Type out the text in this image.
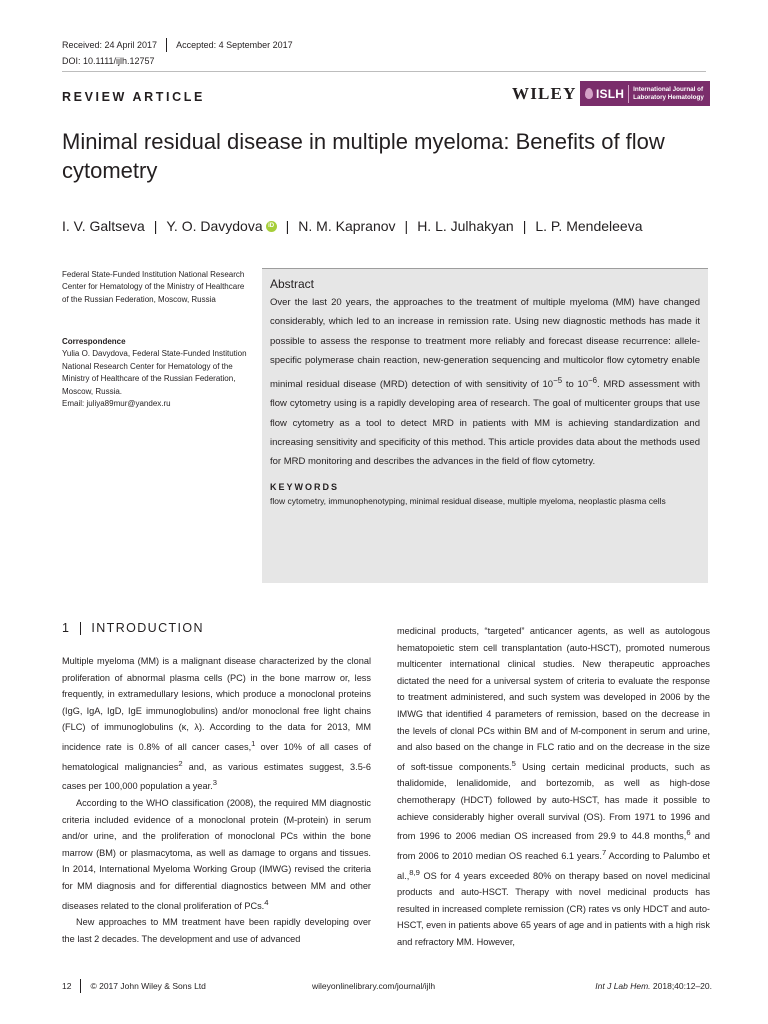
Received: 24 April 2017 Accepted: 4 September 2017
DOI: 10.1111/ijlh.12757
REVIEW ARTICLE	WILEY ISLH International Journal of
Laboratory Hematology
Minimal residual disease in multiple myeloma: Benefits of flow cytometry
I. V. Galtseva | Y. O. Davydova iD | N. M. Kapranov | H. L. Julhakyan | L. P. Mendeleeva
Federal State-Funded Institution National Research Center for Hematology of the Ministry of Healthcare of the Russian Federation, Moscow, Russia
Correspondence
Yulia O. Davydova, Federal State-Funded Institution National Research Center for Hematology of the Ministry of Healthcare of the Russian Federation, Moscow, Russia.
Email: juliya89mur@yandex.ru
Abstract

Over the last 20 years, the approaches to the treatment of multiple myeloma (MM) have changed considerably, which led to an increase in remission rate. Using new diagnostic methods has made it possible to assess the response to treatment more reliably and forecast disease recurrence: allele-specific polymerase chain reaction, new-generation sequencing and multicolor flow cytometry enable minimal residual disease (MRD) detection of with sensitivity of $10^{-5}$ to $10^{-6}$. MRD assessment with flow cytometry using is a rapidly developing area of research. The goal of multicenter groups that use flow cytometry as a tool to detect MRD in patients with MM is achieving standardization and increasing sensitivity and specificity of this method. This article provides data about the methods used for MRD monitoring and describes the advances in the field of flow cytometry.

KEYWORDS
flow cytometry, immunophenotyping, minimal residual disease, multiple myeloma, neoplastic plasma cells
1 INTRODUCTION

Multiple myeloma (MM) is a malignant disease characterized by the clonal proliferation of abnormal plasma cells (PC) in the bone marrow or, less frequently, in extramedullary lesions, which produce a monoclonal proteins (IgG, IgA, IgD, IgE immunoglobulins) and/or monoclonal free light chains (FLC) of immunoglobulins (κ, λ). According to the data for 2013, MM incidence rate is 0.8% of all cancer cases,$^1$ over 10% of all cases of hematological malignancies$^2$ and, as various estimates suggest, 3.5-6 cases per 100,000 population a year.$^3$

According to the WHO classification (2008), the required MM diagnostic criteria included evidence of a monoclonal protein (M-protein) in serum and/or urine, and the proliferation of monoclonal PCs within the bone marrow (BM) or plasmacytoma, as well as damage to organs and tissues. In 2014, International Myeloma Working Group (IMWG) revised the criteria for MM diagnosis and for differential diagnostics between MM and other diseases related to the clonal proliferation of PCs.$^4$

New approaches to MM treatment have been rapidly developing over the last 2 decades. The development and use of advanced

medicinal products, “targeted” anticancer agents, as well as autologous hematopoietic stem cell transplantation (auto-HSCT), promoted numerous multicenter international clinical studies. New therapeutic approaches dictated the need for a universal system of criteria to evaluate the response to treatment administered, and such system was developed in 2006 by the IMWG that identified 4 parameters of remission, based on the decrease in the levels of clonal PCs within BM and of M-component in serum and urine, and also based on the change in FLC ratio and on the decrease in the size of soft-tissue components.$^5$ Using certain medicinal products, such as thalidomide, lenalidomide, and bortezomib, as well as high-dose chemotherapy (HDCT) followed by auto-HSCT, has made it possible to achieve considerably higher overall survival (OS). From 1971 to 1996 and from 1996 to 2006 median OS increased from 29.9 to 44.8 months,$^6$ and from 2006 to 2010 median OS reached 6.1 years.$^7$ According to Palumbo et al.,$^{8,9}$ OS for 4 years exceeded 80% on therapy based on novel medicinal products and auto-HSCT. Therapy with novel medicinal products has resulted in increased complete remission (CR) rates vs only HDCT and auto-HSCT, even in patients above 65 years of age and in patients with a high risk and refractory MM. However,

12 © 2017 John Wiley & Sons Ltd	wileyonlinelibrary.com/journal/ijlh	Int J Lab Hem. 2018;40:12–20.
